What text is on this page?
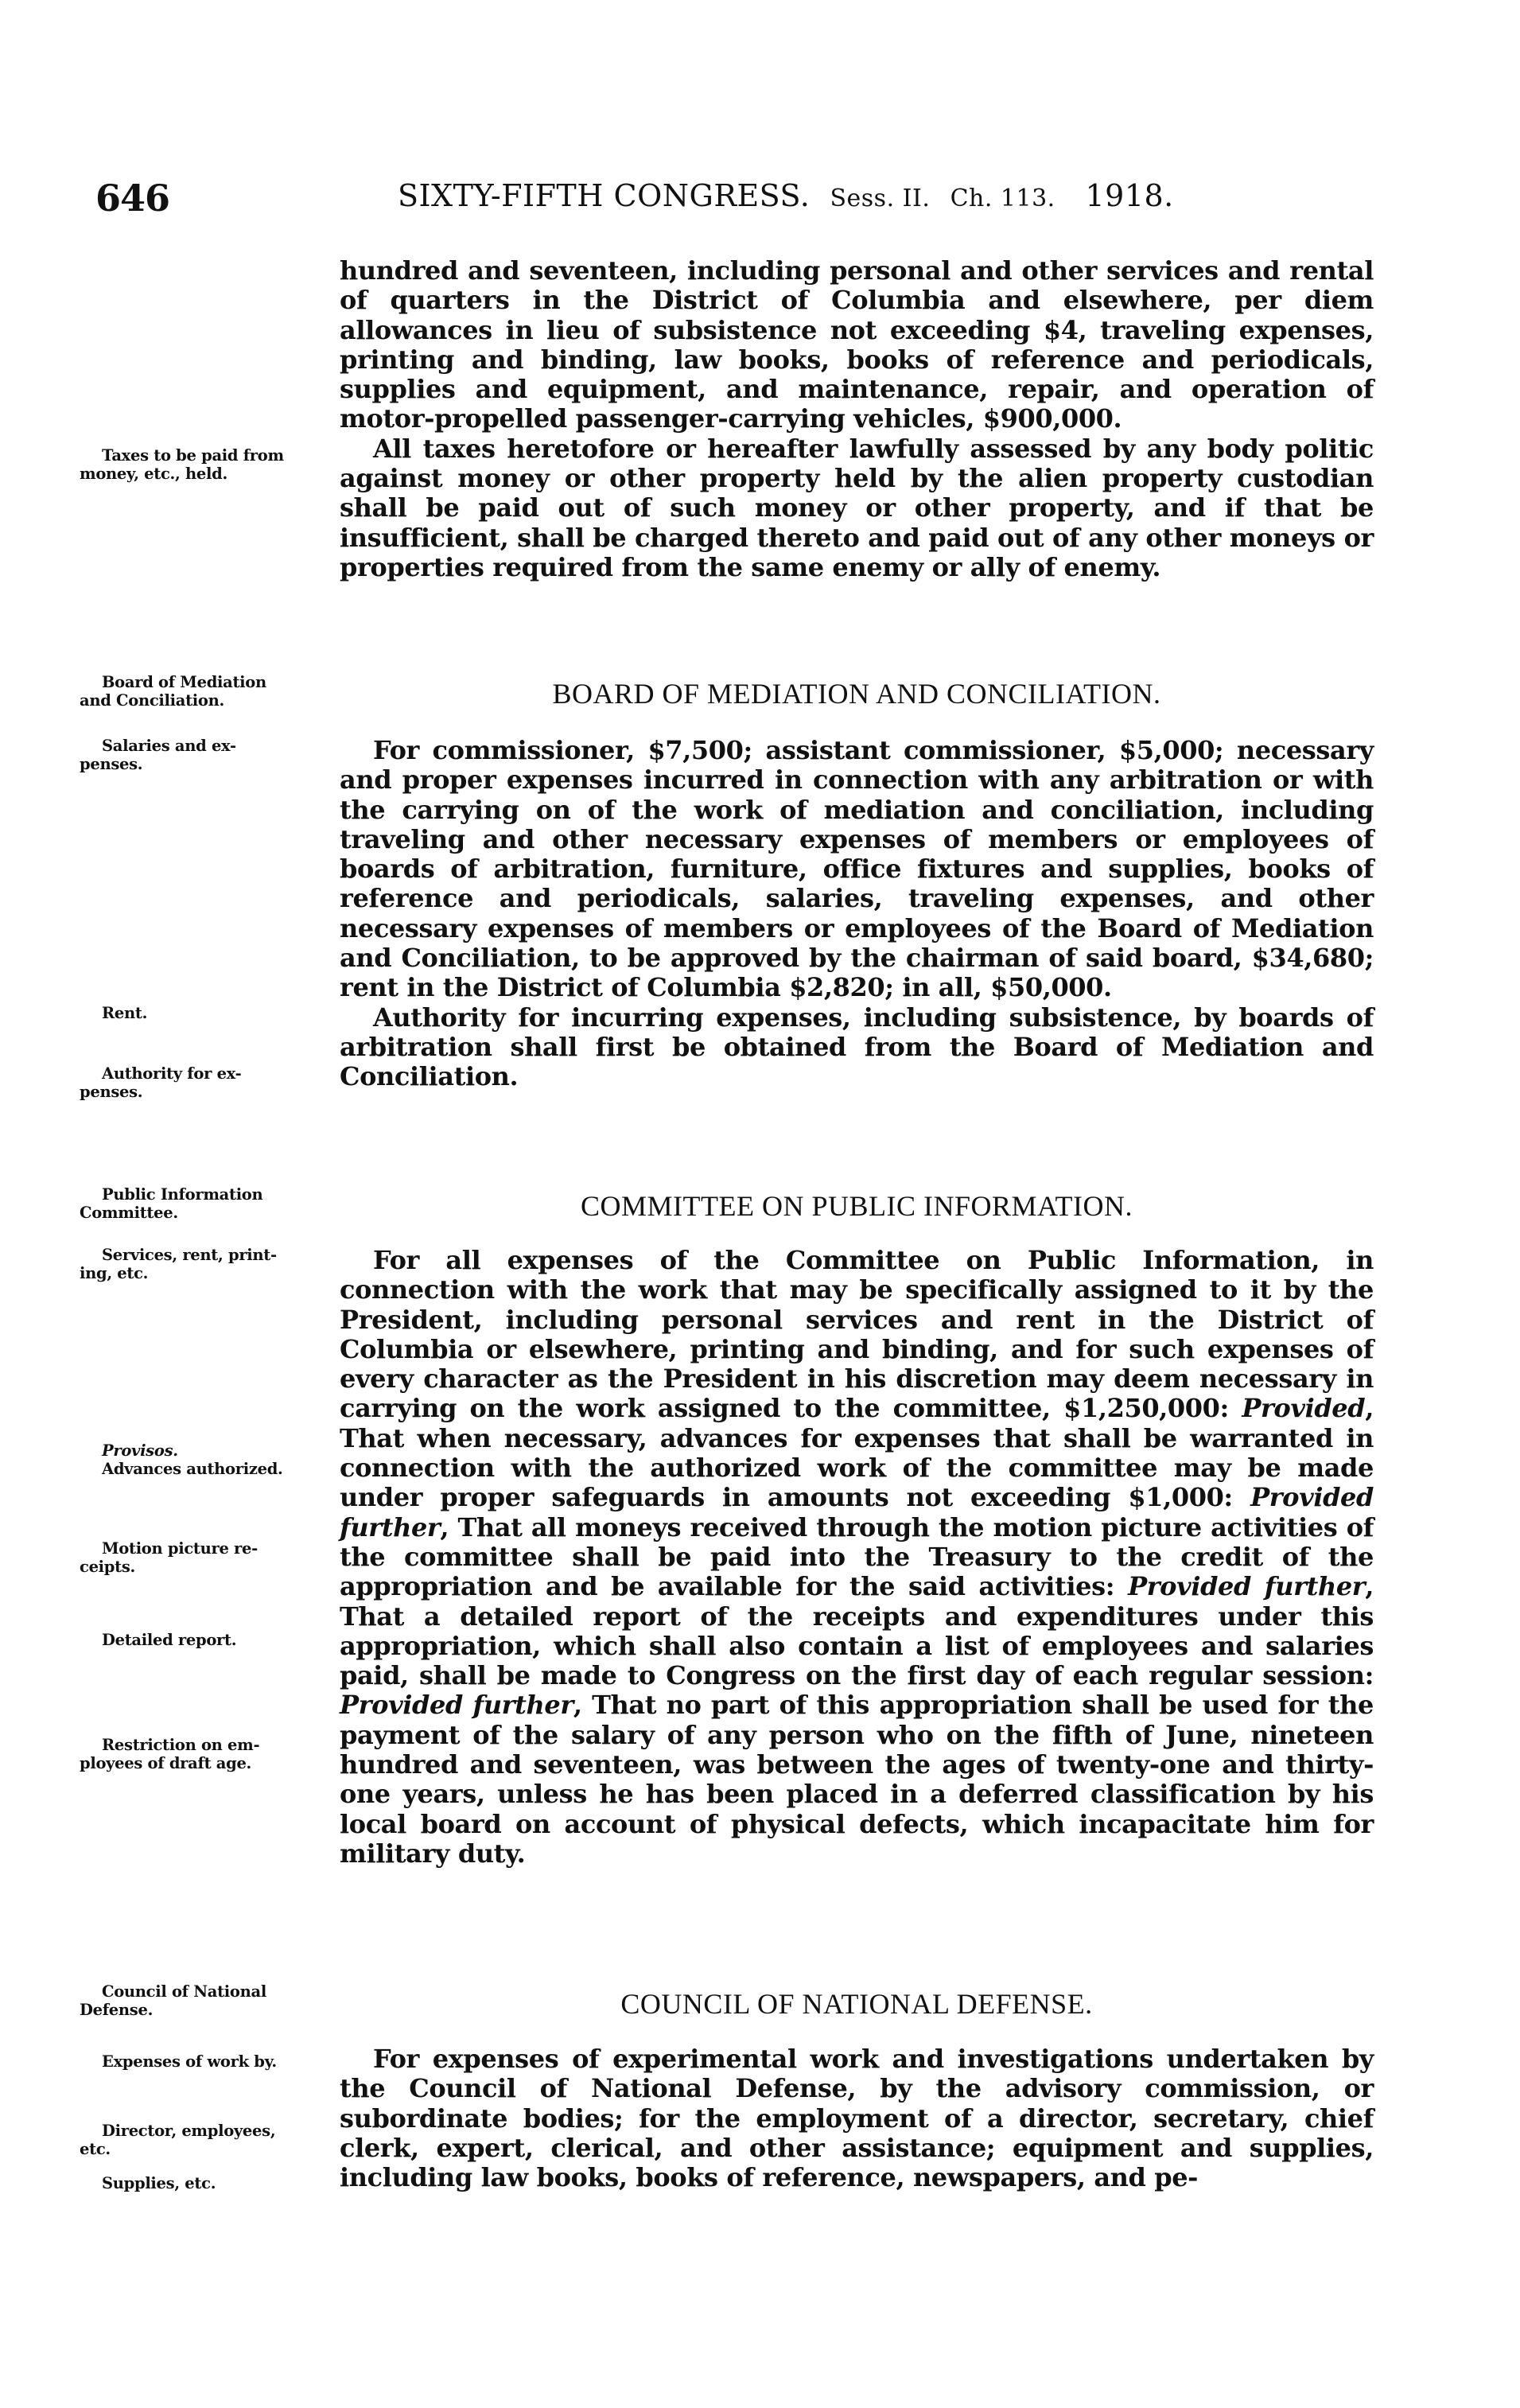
646	SIXTY-FIFTH CONGRESS. Sess. II. Ch. 113. 1918.

hundred and seventeen, including personal and other services and rental of quarters in the District of Columbia and elsewhere, per diem allowances in lieu of subsistence not exceeding $4, traveling expenses, printing and binding, law books, books of reference and periodicals, supplies and equipment, and maintenance, repair, and operation of motor-propelled passenger-carrying vehicles, $900,000.

All taxes heretofore or hereafter lawfully assessed by any body politic against money or other property held by the alien property custodian shall be paid out of such money or other property, and if that be insufficient, shall be charged thereto and paid out of any other moneys or properties required from the same enemy or ally of enemy.

BOARD OF MEDIATION AND CONCILIATION.

For commissioner, $7,500; assistant commissioner, $5,000; necessary and proper expenses incurred in connection with any arbitration or with the carrying on of the work of mediation and conciliation, including traveling and other necessary expenses of members or employees of boards of arbitration, furniture, office fixtures and supplies, books of reference and periodicals, salaries, traveling expenses, and other necessary expenses of members or employees of the Board of Mediation and Conciliation, to be approved by the chairman of said board, $34,680; rent in the District of Columbia $2,820; in all, $50,000.

Authority for incurring expenses, including subsistence, by boards of arbitration shall first be obtained from the Board of Mediation and Conciliation.

COMMITTEE ON PUBLIC INFORMATION.

For all expenses of the Committee on Public Information, in connection with the work that may be specifically assigned to it by the President, including personal services and rent in the District of Columbia or elsewhere, printing and binding, and for such expenses of every character as the President in his discretion may deem necessary in carrying on the work assigned to the committee, $1,250,000: Provided, That when necessary, advances for expenses that shall be warranted in connection with the authorized work of the committee may be made under proper safeguards in amounts not exceeding $1,000: Provided further, That all moneys received through the motion picture activities of the committee shall be paid into the Treasury to the credit of the appropriation and be available for the said activities: Provided further, That a detailed report of the receipts and expenditures under this appropriation, which shall also contain a list of employees and salaries paid, shall be made to Congress on the first day of each regular session: Provided further, That no part of this appropriation shall be used for the payment of the salary of any person who on the fifth of June, nineteen hundred and seventeen, was between the ages of twenty-one and thirty-one years, unless he has been placed in a deferred classification by his local board on account of physical defects, which incapacitate him for military duty.

COUNCIL OF NATIONAL DEFENSE.

For expenses of experimental work and investigations undertaken by the Council of National Defense, by the advisory commission, or subordinate bodies; for the employment of a director, secretary, chief clerk, expert, clerical, and other assistance; equipment and supplies, including law books, books of reference, newspapers, and pe-

Taxes to be paid from
money, etc., held.
Board of Mediation
and Conciliation.
Salaries and ex-
penses.
Rent.
Authority for ex-
penses.
Public Information
Committee.
Services, rent, print-
ing, etc.
Provisos.
Advances authorized.
Motion picture re-
ceipts.
Detailed report.
Restriction on em-
ployees of draft age.
Council of National
Defense.
Expenses of work by.
Director, employees,
etc.
Supplies, etc.
